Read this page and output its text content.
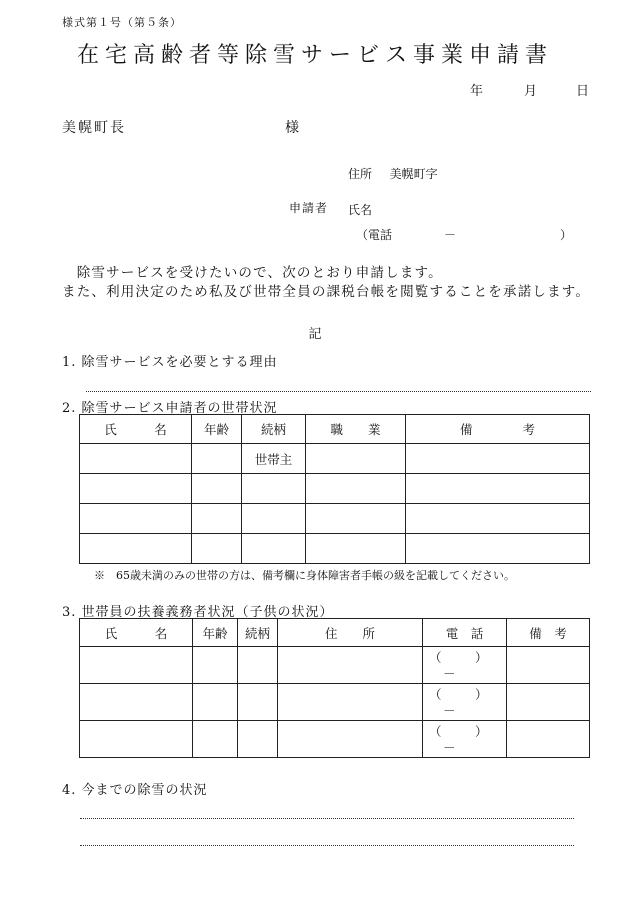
様式第１号（第５条）
在宅高齢者等除雪サービス事業申請書
年	月	日
美幌町長	様
住所 美幌町字
申請者 氏名
（電話	－	）
　除雪サービスを受けたいので、次のとおり申請します。
また、利用決定のため私及び世帯全員の課税台帳を閲覧することを承諾します。
記
1. 除雪サービスを必要とする理由
2. 除雪サービス申請者の世帯状況
氏　　　名	年齢	続柄	職　　業	備　　　　考
		世帯主		

※　65歳未満のみの世帯の方は、備考欄に身体障害者手帳の級を記載してください。
3. 世帯員の扶養義務者状況（子供の状況）
氏　　　名	年齢	続柄	住　　所	電　話	備　考

				（ ）
－	

				（ ）
－	

				（ ）
－	

4. 今までの除雪の状況
